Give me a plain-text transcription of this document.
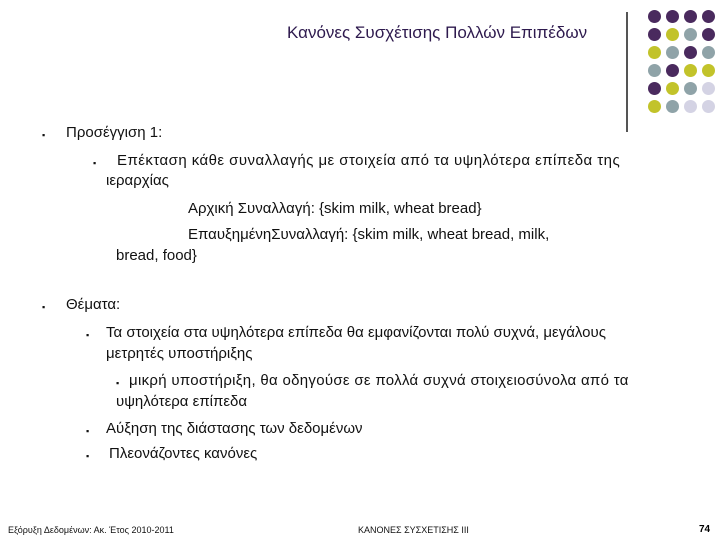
Κανόνες Συσχέτισης Πολλών Επιπέδων
▪ Προσέγγιση 1:
▪ Επέκταση κάθε συναλλαγής με στοιχεία από τα υψηλότερα επίπεδα της
ιεραρχίας
Αρχική Συναλλαγή: {skim milk, wheat bread}
ΕπαυξημένηΣυναλλαγή: {skim milk, wheat bread, milk,
bread, food}
▪ Θέματα:
▪ Τα στοιχεία στα υψηλότερα επίπεδα θα εμφανίζονται πολύ συχνά, μεγάλους
μετρητές υποστήριξης
▪ μικρή υποστήριξη, θα οδηγούσε σε πολλά συχνά στοιχειοσύνολα από τα
υψηλότερα επίπεδα
▪ Αύξηση της διάστασης των δεδομένων
▪ Πλεονάζοντες κανόνες
Εξόρυξη Δεδομένων: Ακ. Έτος 2010-2011	ΚΑΝΟΝΕΣ ΣΥΣΧΕΤΙΣΗΣ ΙΙΙ	74
